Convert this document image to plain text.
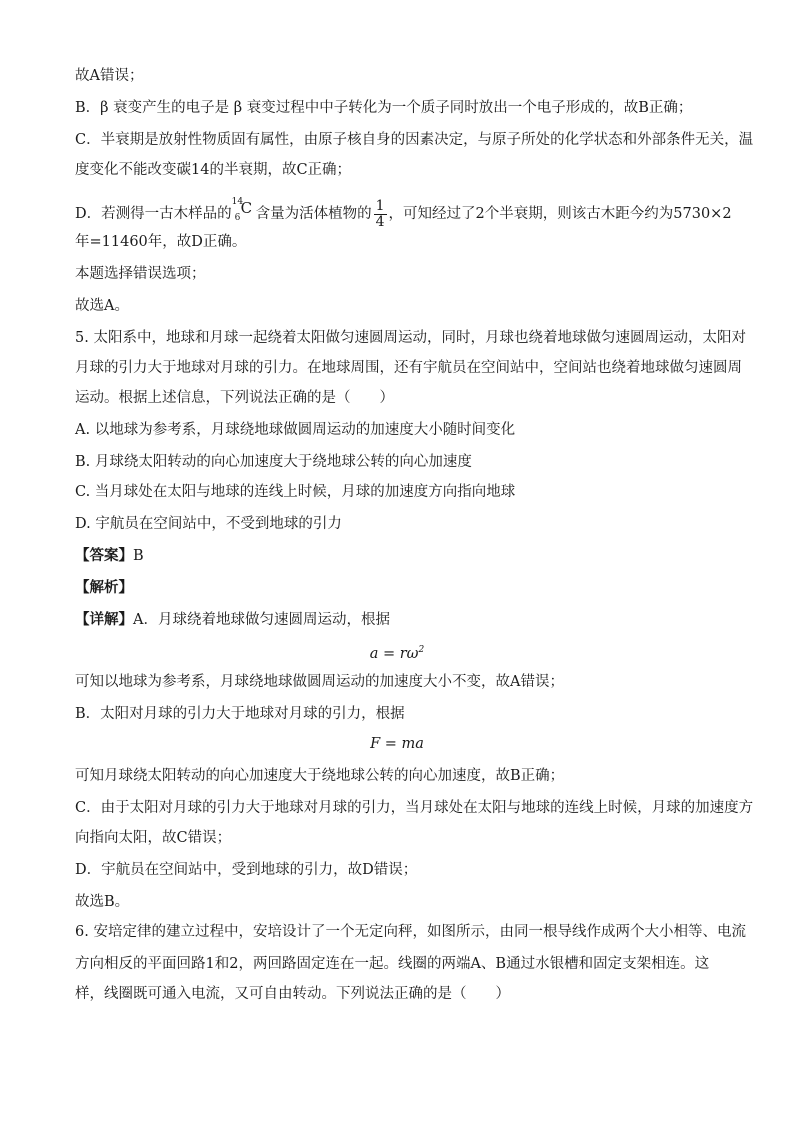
故A错误；
B．β 衰变产生的电子是 β 衰变过程中中子转化为一个质子同时放出一个电子形成的，故B正确；
C．半衰期是放射性物质固有属性，由原子核自身的因素决定，与原子所处的化学状态和外部条件无关，温
度变化不能改变碳14的半衰期，故C正确；
D．若测得一古木样品的
14
6
C 含量为活体植物的 $\frac{1}{4}$ ，可知经过了2个半衰期，则该古木距今约为5730×2
年=11460年，故D正确。
本题选择错误选项；
故选A。
5. 太阳系中，地球和月球一起绕着太阳做匀速圆周运动，同时，月球也绕着地球做匀速圆周运动，太阳对
月球的引力大于地球对月球的引力。在地球周围，还有宇航员在空间站中，空间站也绕着地球做匀速圆周
运动。根据上述信息，下列说法正确的是（　　）
A. 以地球为参考系，月球绕地球做圆周运动的加速度大小随时间变化
B. 月球绕太阳转动的向心加速度大于绕地球公转的向心加速度
C. 当月球处在太阳与地球的连线上时候，月球的加速度方向指向地球
D. 宇航员在空间站中，不受到地球的引力
【答案】B
【解析】
【详解】A．月球绕着地球做匀速圆周运动，根据
$a = r\omega^2$
可知以地球为参考系，月球绕地球做圆周运动的加速度大小不变，故A错误；
B．太阳对月球的引力大于地球对月球的引力，根据
F = ma
可知月球绕太阳转动的向心加速度大于绕地球公转的向心加速度，故B正确；
C．由于太阳对月球的引力大于地球对月球的引力，当月球处在太阳与地球的连线上时候，月球的加速度方
向指向太阳，故C错误；
D．宇航员在空间站中，受到地球的引力，故D错误；
故选B。
6. 安培定律的建立过程中，安培设计了一个无定向秤，如图所示，由同一根导线作成两个大小相等、电流
方向相反的平面回路1和2，两回路固定连在一起。线圈的两端A、B通过水银槽和固定支架相连。这
样，线圈既可通入电流，又可自由转动。下列说法正确的是（　　）
